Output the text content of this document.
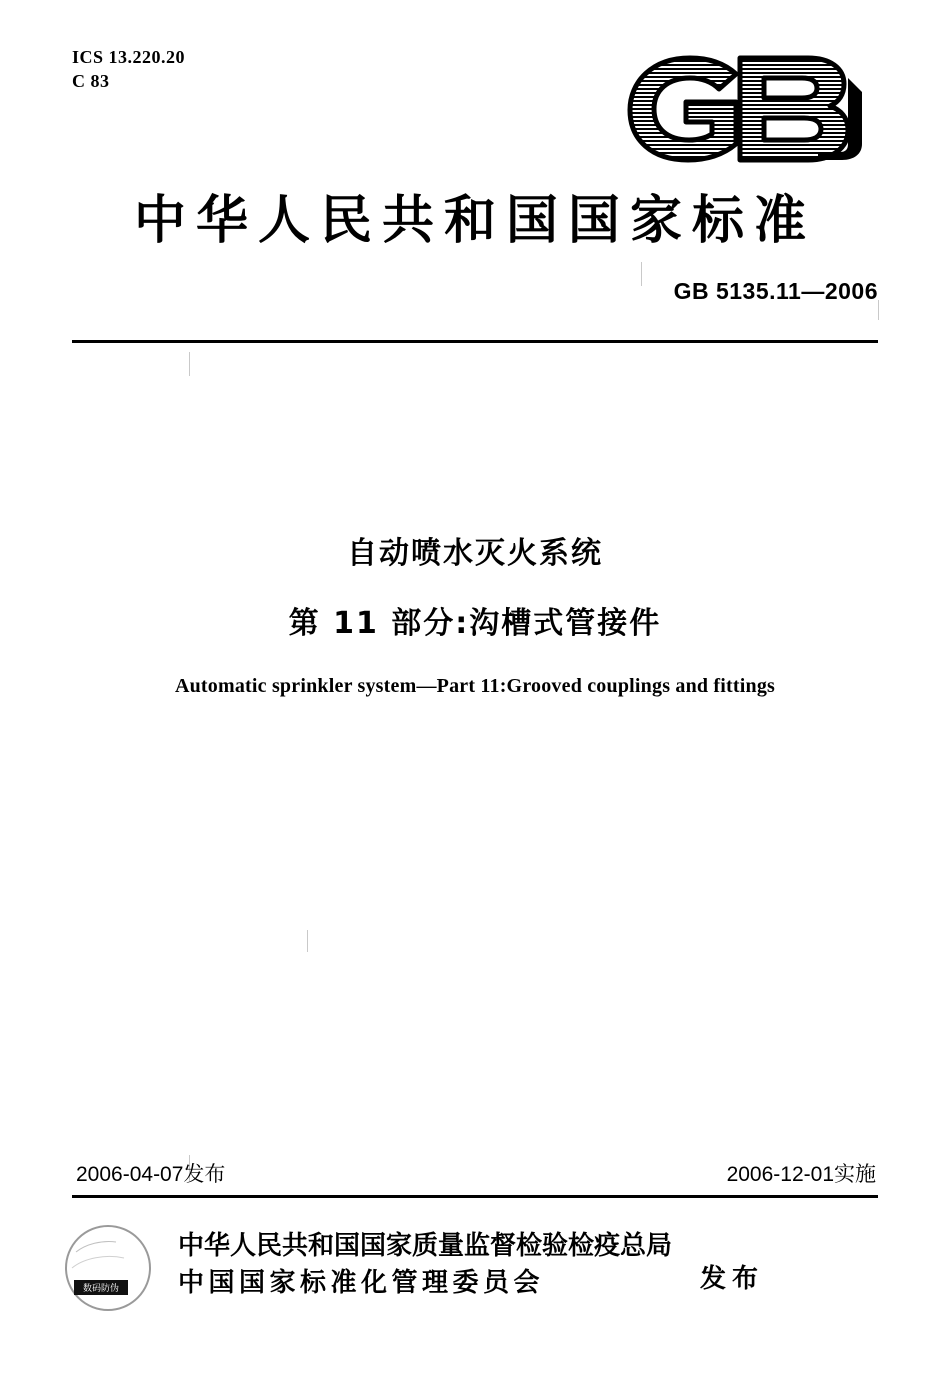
ICS 13.220.20
C 83
中华人民共和国国家标准
GB 5135.11—2006
自动喷水灭火系统
第 11 部分:沟槽式管接件
Automatic sprinkler system—Part 11:Grooved couplings and fittings
2006-04-07发布	2006-12-01实施
数码防伪
中华人民共和国国家质量监督检验检疫总局
中国国家标准化管理委员会	发布
